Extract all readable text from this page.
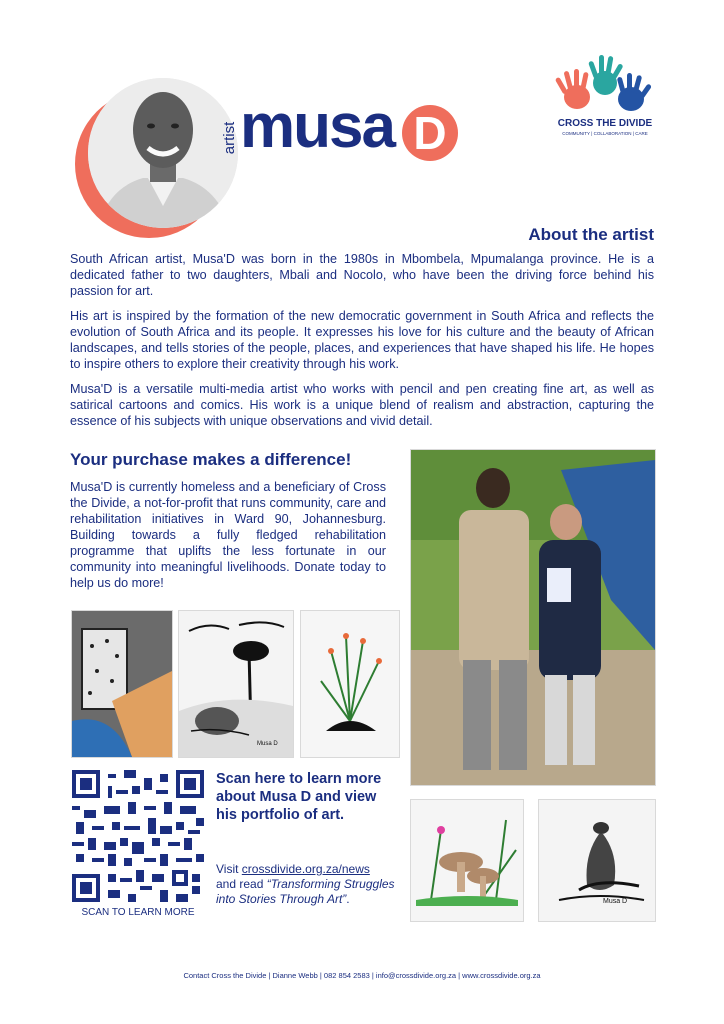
artist musa D	CROSS THE DIVIDE
COMMUNITY | COLLABORATION | CARE
About the artist
South African artist, Musa'D was born in the 1980s in Mbombela, Mpumalanga province. He is a dedicated father to two daughters, Mbali and Nocolo, who have been the driving force behind his passion for art.
His art is inspired by the formation of the new democratic government in South Africa and reflects the evolution of South Africa and its people. It expresses his love for his culture and the beauty of African landscapes, and tells stories of the people, places, and experiences that have shaped his life. He hopes to inspire others to explore their creativity through his work.
Musa'D is a versatile multi-media artist who works with pencil and pen creating fine art, as well as satirical cartoons and comics. His work is a unique blend of realism and abstraction, capturing the essence of his subjects with unique observations and vivid detail.
Your purchase makes a difference!
Musa'D is currently homeless and a beneficiary of Cross the Divide, a not-for-profit that runs community, care and rehabilitation initiatives in Ward 90, Johannesburg. Building towards a fully fledged rehabilitation programme that uplifts the less fortunate in our community into meaningful livelihoods. Donate today to help us do more!
Musa D
SCAN TO LEARN MORE
Scan here to learn more about Musa D and view his portfolio of art.
Visit crossdivide.org.za/news
and read “Transforming Struggles into Stories Through Art”.	Musa D
Contact Cross the Divide | Dianne Webb | 082 854 2583 | info@crossdivide.org.za | www.crossdivide.org.za
